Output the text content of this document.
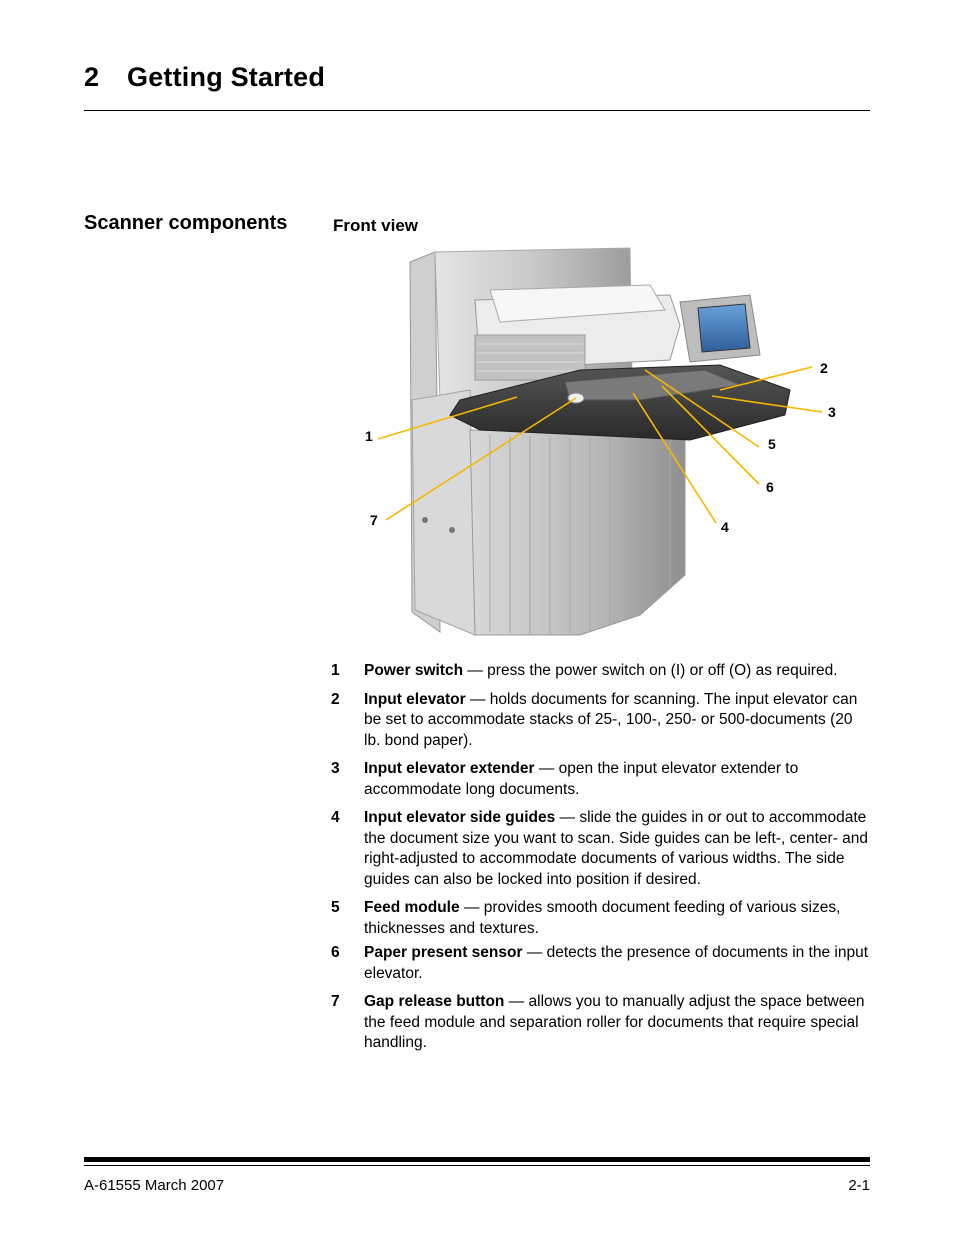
2 Getting Started
Scanner components	Front view

1

2

3

4

5

6

7

1 Power switch — press the power switch on (I) or off (O) as required.
2 Input elevator — holds documents for scanning. The input elevator can be set to accommodate stacks of 25-, 100-, 250- or 500-documents (20 lb. bond paper).
3 Input elevator extender — open the input elevator extender to accommodate long documents.
4 Input elevator side guides — slide the guides in or out to accommodate the document size you want to scan. Side guides can be left-, center- and right-adjusted to accommodate documents of various widths. The side guides can also be locked into position if desired.
5 Feed module — provides smooth document feeding of various sizes, thicknesses and textures.
6 Paper present sensor — detects the presence of documents in the input elevator.
7 Gap release button — allows you to manually adjust the space between the feed module and separation roller for documents that require special handling.
A-61555 March 2007	2-1
